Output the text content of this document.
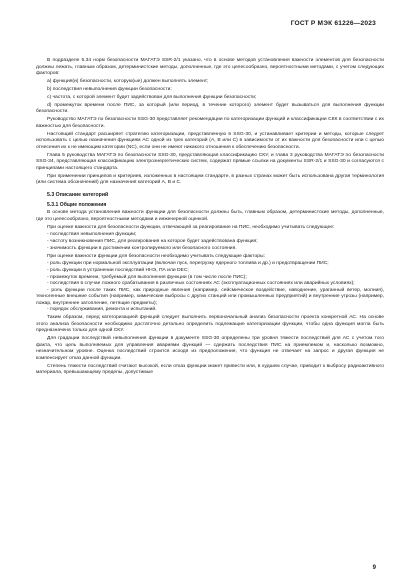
ГОСТ Р МЭК 61226—2023

В подразделе 5.34 норм безопасности МАГАТЭ SSR-2/1 указано, что в основе методов установления важности элементов для безопасности должны лежать, главным образом, детерминистские методы, дополненные, где это целесообразно, вероятностными методами, с учетом следующих факторов:

а) функция(и) безопасности, которую(ые) должен выполнять элемент;

b) последствия невыполнения функции безопасности;

с) частота, с которой элемент будет задействован для выполнения функции безопасности;

d) промежуток времени после ПИС, за который (или период, в течение которого) элемент будет вызываться для выполнения функции безопасности.

Руководство МАГАТЭ по безопасности SSG-30 представляет рекомендации по категоризации функций и классификации СКК в соответствии с их важностью для безопасности.

Настоящий стандарт расширяет стратегию категоризации, представленную в SSG-30, и устанавливает критерии и методы, которые следует использовать с целью назначения функциям АС одной из трех категорий (А, В или С) в зависимости от их важности для безопасности или с целью отнесения их к не имеющим категории (NC), если они не имеют никакого отношения к обеспечению безопасности.

Глава 5 руководства МАГАТЭ по безопасности SSG-30, представляющая классификацию СКУ, и глава 3 руководства МАГАТЭ по безопасности SSG-34, представляющая классификацию электроэнергетических систем, содержат прямые ссылки на документы SSR-2/1 и SSG-30 и согласуются с принципами настоящего стандарта.

При применении принципов и критериев, изложенных в настоящем стандарте, в разных странах может быть использована другая терминология (или система обозначений) для назначения категорий А, В и С.

5.3 Описание категорий
5.3.1 Общие положения

В основе метода установления важности функции для безопасности должны быть, главным образом, детерминистские методы, дополненные, где это целесообразно, вероятностными методами и инженерной оценкой.

При оценке важности для безопасности функции, отвечающей за реагирование на ПИС, необходимо учитывать следующее:

- последствия невыполнения функции;

- частоту возникновения ПИС, для реагирования на которое будет задействована функция;

- значимость функции в достижении контролируемого или безопасного состояния.

При оценке важности функции для безопасности необходимо учитывать следующие факторы:

- роль функции при нормальной эксплуатации (включая пуск, перегрузку ядерного топлива и др.) и предотвращении ПИС;

- роль функции в устранении последствий ННЭ, ПА или DEC;

- промежуток времени, требуемый для выполнения функции (в том числе после ПИС);

- последствия в случае ложного срабатывания в различных состояниях АС (эксплуатационных состояниях или аварийных условиях);

- роль функции после таких ПИС, как природные явления (например, сейсмическое воздействие, наводнение, ураганный ветер, молния), техногенные внешние события (например, химические выбросы с других станций или промышленных предприятий) и внутренние угрозы (например, пожар, внутреннее затопление, летящие предметы);

- порядок обслуживания, ремонта и испытаний.

Таким образом, перед категоризацией функций следует выполнить первоначальный анализ безопасности проекта конкретной АС. На основе этого анализа безопасности необходимо достаточно детально определить подлежащие категоризации функции, чтобы одна функция могла быть предназначена только для одной СКУ.

Для градации последствий невыполнения функции в документе SSG-30 определены три уровня тяжести последствий для АС с учетом того факта, что цель выполняемых для управления авариями функций — сдержать последствия ПИС на приемлемом и, насколько возможно, незначительном уровне. Оценка последствий строится исходя из предположения, что функция не отвечает на запрос и другая функция не компенсирует отказ данной функции.

Степень тяжести последствий считают высокой, если отказ функции может привести или, в худшем случае, приводит к выбросу радиоактивного материала, превышающему пределы, допустимые

9
